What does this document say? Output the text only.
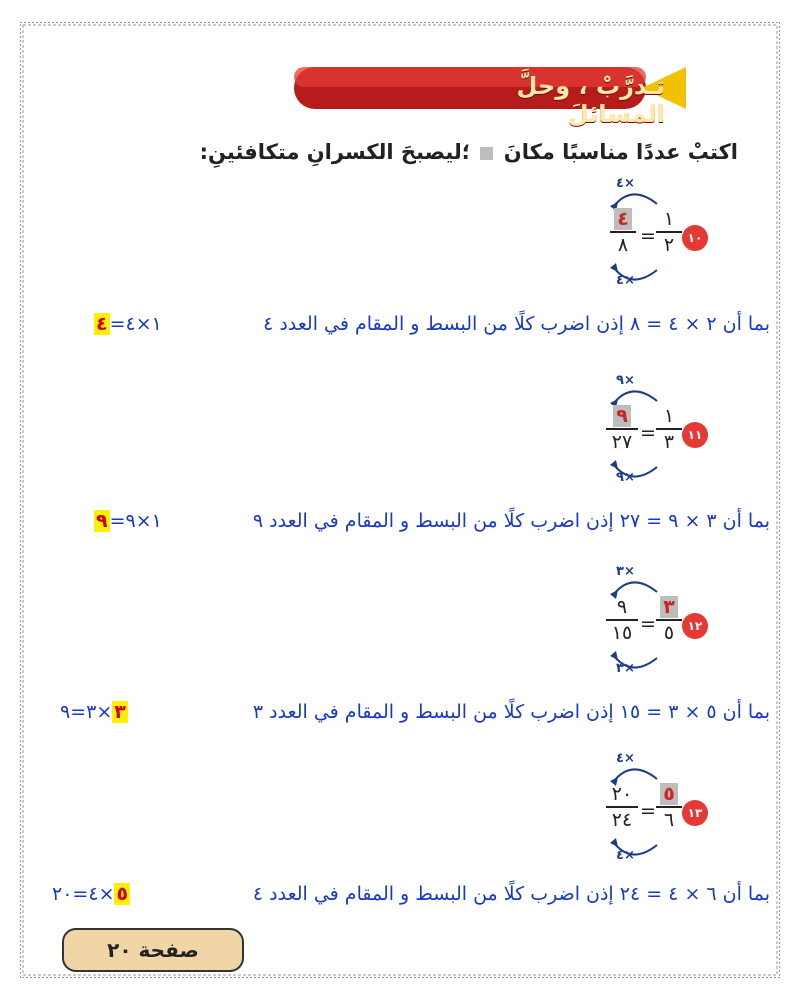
تـدرَّبْ ، وحلَّ المسائلَ
اكتبْ عددًا مناسبًا مكانَ  ؛ليصبحَ الكسرانِ متكافئينِ:
١٠
٤×
٤×
٤
٨ =
١
٢
بما أن ٢ × ٤ = ٨ إذن اضرب كلًا من البسط و المقام في العدد ٤
١×٤=٤
١١
٩×
٩×
٩
٢٧ =
١
٣
بما أن ٣ × ٩ = ٢٧ إذن اضرب كلًا من البسط و المقام في العدد ٩
١×٩=٩
١٢
٣×
٣×
٩
١٥ =
٣
٥
بما أن ٥ × ٣ = ١٥ إذن اضرب كلًا من البسط و المقام في العدد ٣
٣×٣=٩
١٣
٤×
٤×
٢٠
٢٤ =
٥
٦
بما أن ٦ × ٤ = ٢٤ إذن اضرب كلًا من البسط و المقام في العدد ٤
٥×٤=٢٠
صفحة ٢٠
